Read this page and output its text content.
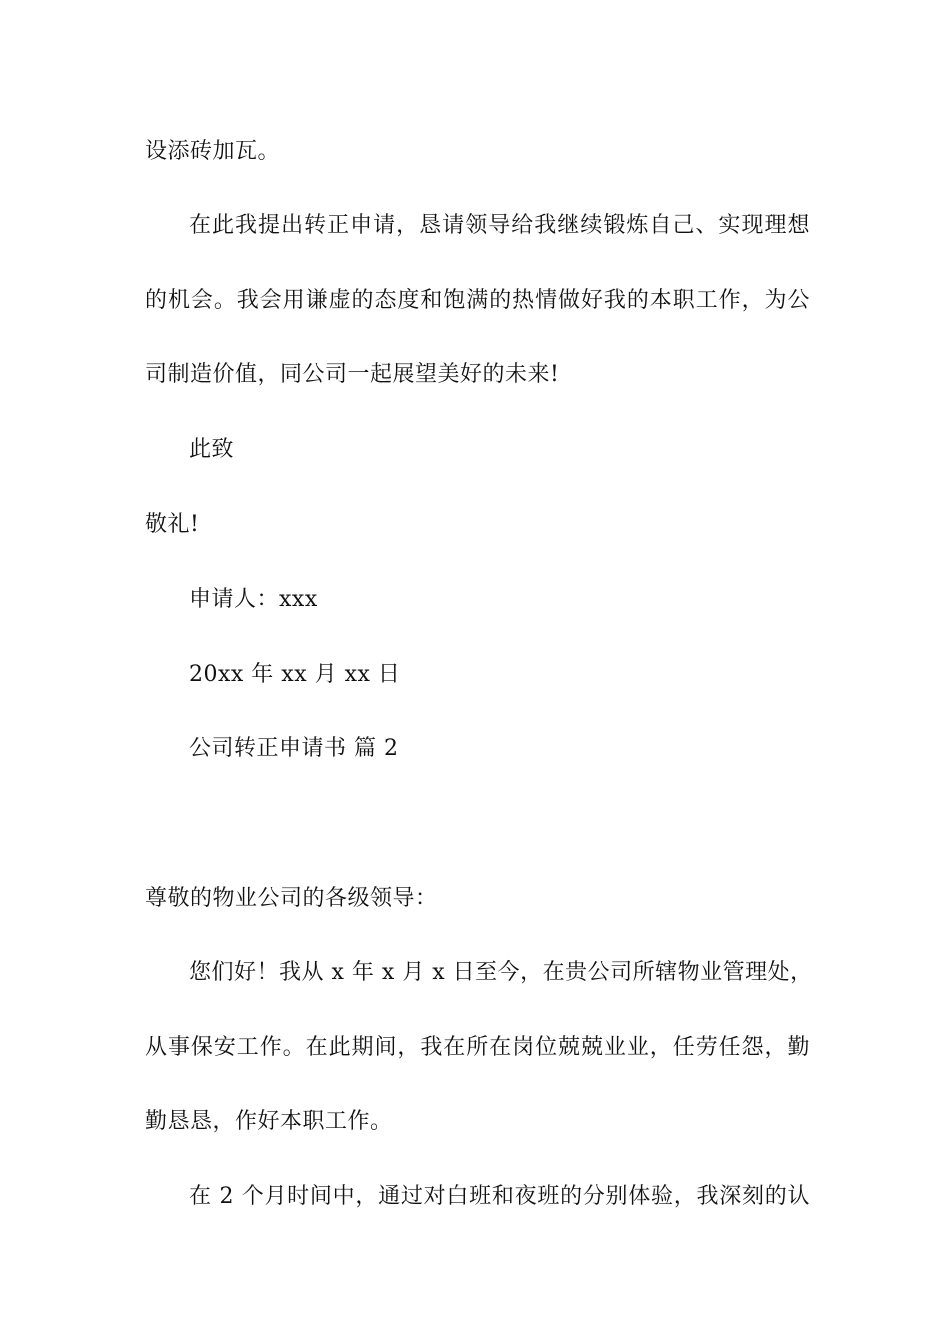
设添砖加瓦。
在此我提出转正申请，恳请领导给我继续锻炼自己、实现理想
的机会。我会用谦虚的态度和饱满的热情做好我的本职工作，为公
司制造价值，同公司一起展望美好的未来!
此致
敬礼!
申请人：xxx
20xx 年 xx 月 xx 日
公司转正申请书 篇 2
尊敬的物业公司的各级领导：
您们好！我从 x 年 x 月 x 日至今，在贵公司所辖物业管理处，
从事保安工作。在此期间，我在所在岗位兢兢业业，任劳任怨，勤
勤恳恳，作好本职工作。
在 2 个月时间中，通过对白班和夜班的分别体验，我深刻的认
